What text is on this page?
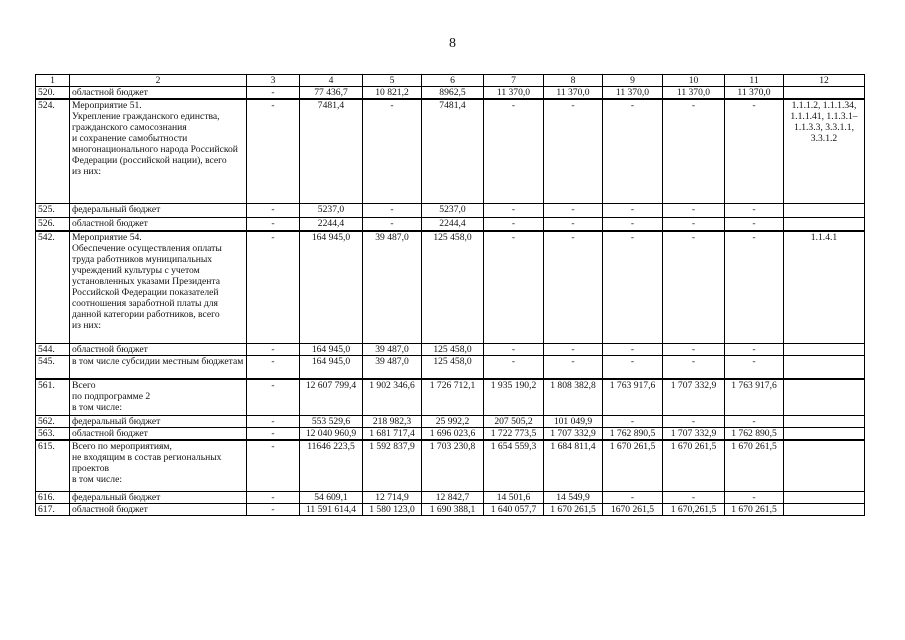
8
1	2	3	4	5	6	7	8	9	10	11	12
520.	областной бюджет	-	77 436,7	10 821,2	8962,5	11 370,0	11 370,0	11 370,0	11 370,0	11 370,0	
524.	Мероприятие 51.
Укрепление гражданского единства, гражданского самосознания
и сохранение самобытности многонационального народа Российской Федерации (российской нации), всего
из них:	-	7481,4	-	7481,4	-	-	-	-	-	1.1.1.2, 1.1.1.34, 1.1.1.41, 1.1.3.1–1.1.3.3, 3.3.1.1, 3.3.1.2
525.	федеральный бюджет	-	5237,0	-	5237,0	-	-	-	-	-	
526.	областной бюджет	-	2244,4	-	2244,4	-	-	-	-	-	
542.	Мероприятие 54.
Обеспечение осуществления оплаты труда работников муниципальных учреждений культуры с учетом установленных указами Президента Российской Федерации показателей соотношения заработной платы для данной категории работников, всего
из них:	-	164 945,0	39 487,0	125 458,0	-	-	-	-	-	1.1.4.1
544.	областной бюджет	-	164 945,0	39 487,0	125 458,0	-	-	-	-	-	
545.	в том числе субсидии местным бюджетам	-	164 945,0	39 487,0	125 458,0	-	-	-	-	-	
561.	Всего
по подпрограмме 2
в том числе:	-	12 607 799,4	1 902 346,6	1 726 712,1	1 935 190,2	1 808 382,8	1 763 917,6	1 707 332,9	1 763 917,6	
562.	федеральный бюджет	-	553 529,6	218 982,3	25 992,2	207 505,2	101 049,9	-	-	-	
563.	областной бюджет	-	12 040 960,9	1 681 717,4	1 696 023,6	1 722 773,5	1 707 332,9	1 762 890,5	1 707 332,9	1 762 890,5	
615.	Всего по мероприятиям,
не входящим в состав региональных проектов
в том числе:	-	11646 223,5	1 592 837,9	1 703 230,8	1 654 559,3	1 684 811,4	1 670 261,5	1 670 261,5	1 670 261,5	
616.	федеральный бюджет	-	54 609,1	12 714,9	12 842,7	14 501,6	14 549,9	-	-	-	
617.	областной бюджет	-	11 591 614,4	1 580 123,0	1 690 388,1	1 640 057,7	1 670 261,5	1670 261,5	1 670,261,5	1 670 261,5	
